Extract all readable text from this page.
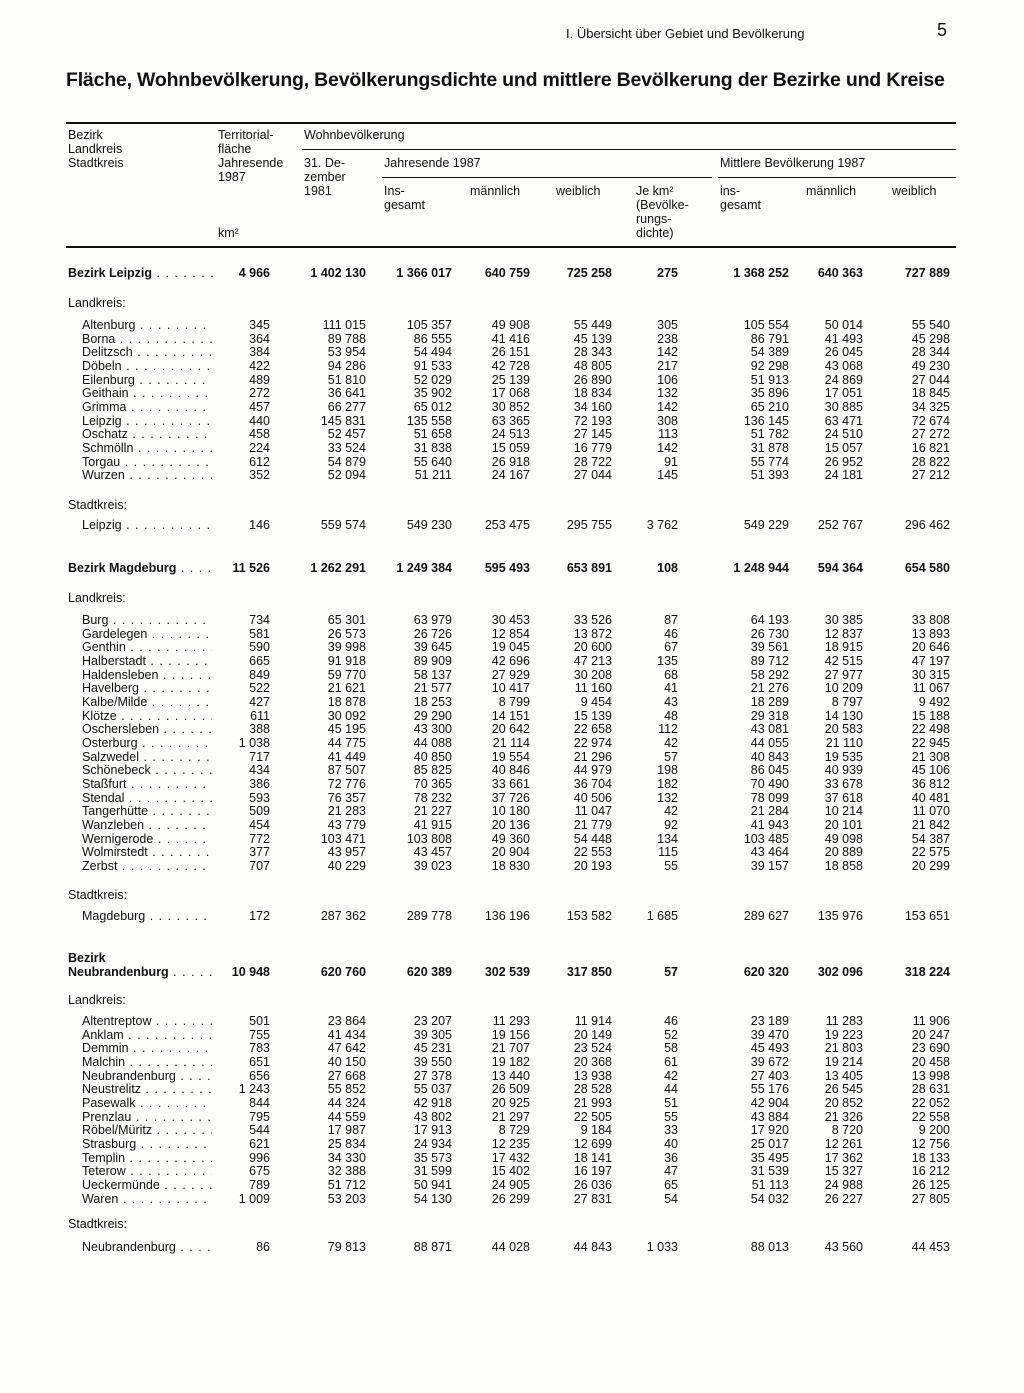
I. Übersicht über Gebiet und Bevölkerung	5
Fläche, Wohnbevölkerung, Bevölkerungsdichte und mittlere Bevölkerung der Bezirke und Kreise
Bezirk
Landkreis
Stadtkreis
Territorial-
fläche
Jahresende
1987
km²
Wohnbevölkerung
31. De-
zember
1981
Jahresende 1987	Mittlere Bevölkerung 1987
Ins-
gesamt
männlich	weiblich	Je km²
(Bevölke-
rungs-
dichte)
ins-
gesamt
männlich	weiblich
Bezirk Leipzig . . .	4 966	1 402 130	1 366 017	640 759	725 258	275	1 368 252	640 363	727 889
Landkreis:
Altenburg . . .	345	111 015	105 357	49 908	55 449	305	105 554	50 014	55 540
Borna . . .	364	89 788	86 555	41 416	45 139	238	86 791	41 493	45 298
Delitzsch . . .	384	53 954	54 494	26 151	28 343	142	54 389	26 045	28 344
Döbeln . . .	422	94 286	91 533	42 728	48 805	217	92 298	43 068	49 230
Eilenburg . . .	489	51 810	52 029	25 139	26 890	106	51 913	24 869	27 044
Geithain . . .	272	36 641	35 902	17 068	18 834	132	35 896	17 051	18 845
Grimma . . .	457	66 277	65 012	30 852	34 160	142	65 210	30 885	34 325
Leipzig . . .	440	145 831	135 558	63 365	72 193	308	136 145	63 471	72 674
Oschatz . . .	458	52 457	51 658	24 513	27 145	113	51 782	24 510	27 272
Schmölln . . .	224	33 524	31 838	15 059	16 779	142	31 878	15 057	16 821
Torgau . . .	612	54 879	55 640	26 918	28 722	91	55 774	26 952	28 822
Wurzen . . .	352	52 094	51 211	24 167	27 044	145	51 393	24 181	27 212
Stadtkreis:
Leipzig . . .	146	559 574	549 230	253 475	295 755	3 762	549 229	252 767	296 462
Bezirk Magdeburg . . .	11 526	1 262 291	1 249 384	595 493	653 891	108	1 248 944	594 364	654 580
Landkreis:
Burg . . .	734	65 301	63 979	30 453	33 526	87	64 193	30 385	33 808
Gardelegen . . .	581	26 573	26 726	12 854	13 872	46	26 730	12 837	13 893
Genthin . . .	590	39 998	39 645	19 045	20 600	67	39 561	18 915	20 646
Halberstadt . . .	665	91 918	89 909	42 696	47 213	135	89 712	42 515	47 197
Haldensleben . . .	849	59 770	58 137	27 929	30 208	68	58 292	27 977	30 315
Havelberg . . .	522	21 621	21 577	10 417	11 160	41	21 276	10 209	11 067
Kalbe/Milde . . .	427	18 878	18 253	8 799	9 454	43	18 289	8 797	9 492
Klötze . . .	611	30 092	29 290	14 151	15 139	48	29 318	14 130	15 188
Oschersleben . . .	388	45 195	43 300	20 642	22 658	112	43 081	20 583	22 498
Osterburg . . .	1 038	44 775	44 088	21 114	22 974	42	44 055	21 110	22 945
Salzwedel . . .	717	41 449	40 850	19 554	21 296	57	40 843	19 535	21 308
Schönebeck . . .	434	87 507	85 825	40 846	44 979	198	86 045	40 939	45 106
Staßfurt . . .	386	72 776	70 365	33 661	36 704	182	70 490	33 678	36 812
Stendal . . .	593	76 357	78 232	37 726	40 506	132	78 099	37 618	40 481
Tangerhütte . . .	509	21 283	21 227	10 180	11 047	42	21 284	10 214	11 070
Wanzleben . . .	454	43 779	41 915	20 136	21 779	92	41 943	20 101	21 842
Wernigerode . . .	772	103 471	103 808	49 360	54 448	134	103 485	49 098	54 387
Wolmirstedt . . .	377	43 957	43 457	20 904	22 553	115	43 464	20 889	22 575
Zerbst . . .	707	40 229	39 023	18 830	20 193	55	39 157	18 858	20 299
Stadtkreis:
Magdeburg . . .	172	287 362	289 778	136 196	153 582	1 685	289 627	135 976	153 651
Bezirk
Neubrandenburg . . .	10 948	620 760	620 389	302 539	317 850	57	620 320	302 096	318 224
Landkreis:
Altentreptow . . .	501	23 864	23 207	11 293	11 914	46	23 189	11 283	11 906
Anklam . . .	755	41 434	39 305	19 156	20 149	52	39 470	19 223	20 247
Demmin . . .	783	47 642	45 231	21 707	23 524	58	45 493	21 803	23 690
Malchin . . .	651	40 150	39 550	19 182	20 368	61	39 672	19 214	20 458
Neubrandenburg . . .	656	27 668	27 378	13 440	13 938	42	27 403	13 405	13 998
Neustrelitz . . .	1 243	55 852	55 037	26 509	28 528	44	55 176	26 545	28 631
Pasewalk . . .	844	44 324	42 918	20 925	21 993	51	42 904	20 852	22 052
Prenzlau . . .	795	44 559	43 802	21 297	22 505	55	43 884	21 326	22 558
Röbel/Müritz . . .	544	17 987	17 913	8 729	9 184	33	17 920	8 720	9 200
Strasburg . . .	621	25 834	24 934	12 235	12 699	40	25 017	12 261	12 756
Templin . . .	996	34 330	35 573	17 432	18 141	36	35 495	17 362	18 133
Teterow . . .	675	32 388	31 599	15 402	16 197	47	31 539	15 327	16 212
Ueckermünde . . .	789	51 712	50 941	24 905	26 036	65	51 113	24 988	26 125
Waren . . .	1 009	53 203	54 130	26 299	27 831	54	54 032	26 227	27 805
Stadtkreis:
Neubrandenburg . . .	86	79 813	88 871	44 028	44 843	1 033	88 013	43 560	44 453
